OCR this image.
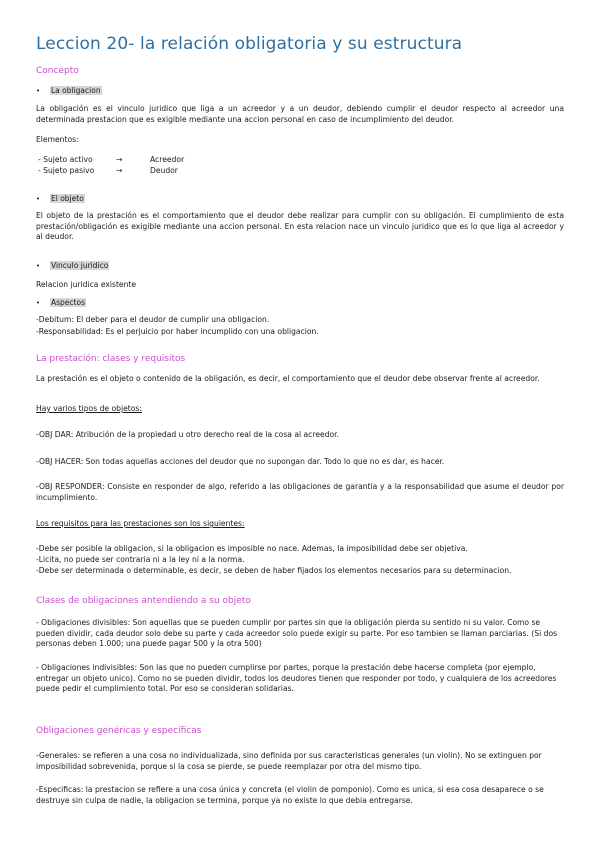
Leccion 20- la relación obligatoria y su estructura
Concepto
•	La obligacion

La obligación es el vinculo juridico que liga a un acreedor y a un deudor, debiendo cumplir el deudor respecto al acreedor una determinada prestacion que es exigible mediante una accion personal en caso de incumplimiento del deudor.

Elementos:
- Sujeto activo	→	Acreedor
- Sujeto pasivo	→	Deudor
•	El objeto

El objeto de la prestación es el comportamiento que el deudor debe realizar para cumplir con su obligación. El cumplimiento de esta prestación/obligación es exigible mediante una accion personal. En esta relacion nace un vinculo juridico que es lo que liga al acreedor y al deudor.

•	Vinculo juridico
Relacion juridica existente
•	Aspectos
-Debitum: El deber para el deudor de cumplir una obligacion.
-Responsabilidad: Es el perjuicio por haber incumplido con una obligacion.
La prestación: clases y requisitos

La prestación es el objeto o contenido de la obligación, es decir, el comportamiento que el deudor debe observar frente al acreedor.

Hay varios tipos de objetos:
-OBJ DAR: Atribución de la propiedad u otro derecho real de la cosa al acreedor.
-OBJ HACER: Son todas aquellas acciones del deudor que no supongan dar. Todo lo que no es dar, es hacer.

-OBJ RESPONDER: Consiste en responder de algo, referido a las obligaciones de garantia y a la responsabilidad que asume el deudor por incumplimiento.

Los requisitos para las prestaciones son los siguientes:
-Debe ser posible la obligacion, si la obligacion es imposible no nace. Ademas, la imposibilidad debe ser objetiva.
-Licita, no puede ser contraria ni a la ley ni a la norma.
-Debe ser determinada o determinable, es decir, se deben de haber fijados los elementos necesarios para su determinacion.
Clases de obligaciones antendiendo a su objeto

- Obligaciones divisibles: Son aquellas que se pueden cumplir por partes sin que la obligación pierda su sentido ni su valor. Como se pueden dividir, cada deudor solo debe su parte y cada acreedor solo puede exigir su parte. Por eso tambien se llaman parciarias. (Si dos personas deben 1.000; una puede pagar 500 y la otra 500)

- Obligaciones indivisibles: Son las que no pueden cumplirse por partes, porque la prestación debe hacerse completa (por ejemplo, entregar un objeto unico). Como no se pueden dividir, todos los deudores tienen que responder por todo, y cualquiera de los acreedores puede pedir el cumplimiento total. Por eso se consideran solidarias.

Obligaciones genéricas y específicas

-Generales: se refieren a una cosa no individualizada, sino definida por sus caracteristicas generales (un violin). No se extinguen por imposibilidad sobrevenida, porque si la cosa se pierde, se puede reemplazar por otra del mismo tipo.

-Especificas: la prestacion se refiere a una cosa única y concreta (el violin de pomponio). Como es unica, si esa cosa desaparece o se destruye sin culpa de nadie, la obligacion se termina, porque ya no existe lo que debia entregarse.
